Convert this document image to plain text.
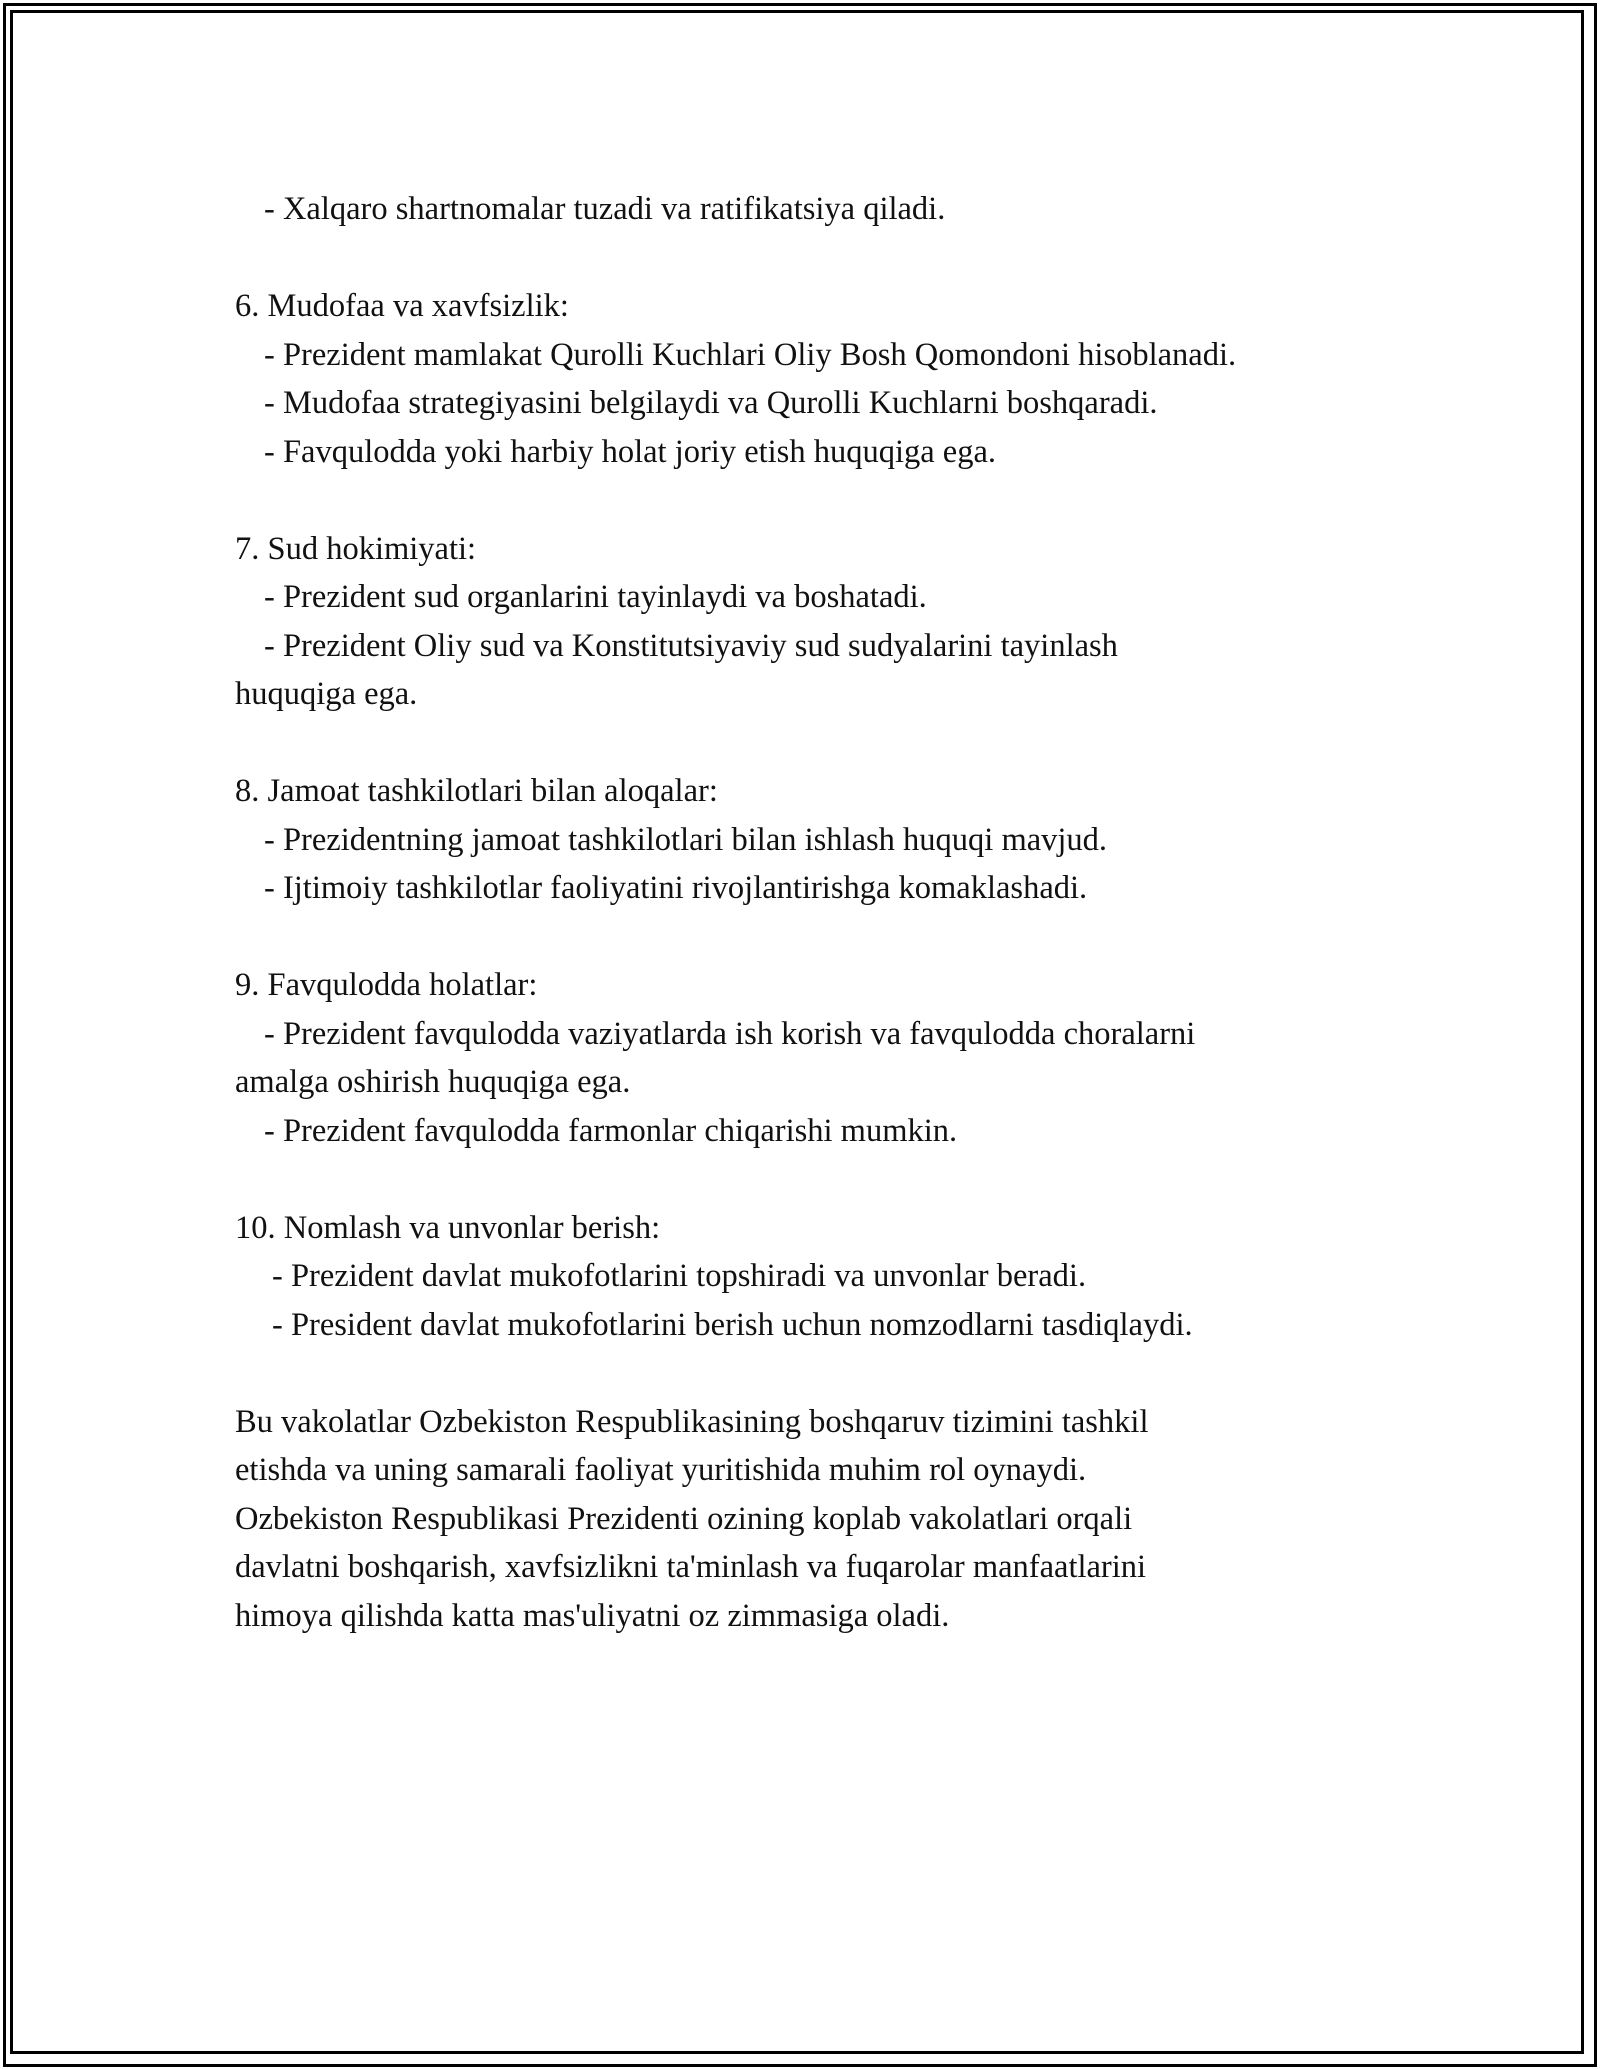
- Xalqaro shartnomalar tuzadi va ratifikatsiya qiladi.
6. Mudofaa va xavfsizlik:
- Prezident mamlakat Qurolli Kuchlari Oliy Bosh Qomondoni hisoblanadi.
- Mudofaa strategiyasini belgilaydi va Qurolli Kuchlarni boshqaradi.
- Favqulodda yoki harbiy holat joriy etish huquqiga ega.
7. Sud hokimiyati:
- Prezident sud organlarini tayinlaydi va boshatadi.
- Prezident Oliy sud va Konstitutsiyaviy sud sudyalarini tayinlash
huquqiga ega.
8. Jamoat tashkilotlari bilan aloqalar:
- Prezidentning jamoat tashkilotlari bilan ishlash huquqi mavjud.
- Ijtimoiy tashkilotlar faoliyatini rivojlantirishga komaklashadi.
9. Favqulodda holatlar:
- Prezident favqulodda vaziyatlarda ish korish va favqulodda choralarni
amalga oshirish huquqiga ega.
- Prezident favqulodda farmonlar chiqarishi mumkin.
10. Nomlash va unvonlar berish:
- Prezident davlat mukofotlarini topshiradi va unvonlar beradi.
- President davlat mukofotlarini berish uchun nomzodlarni tasdiqlaydi.
Bu vakolatlar Ozbekiston Respublikasining boshqaruv tizimini tashkil
etishda va uning samarali faoliyat yuritishida muhim rol oynaydi.
Ozbekiston Respublikasi Prezidenti ozining koplab vakolatlari orqali
davlatni boshqarish, xavfsizlikni ta'minlash va fuqarolar manfaatlarini
himoya qilishda katta mas'uliyatni oz zimmasiga oladi.
